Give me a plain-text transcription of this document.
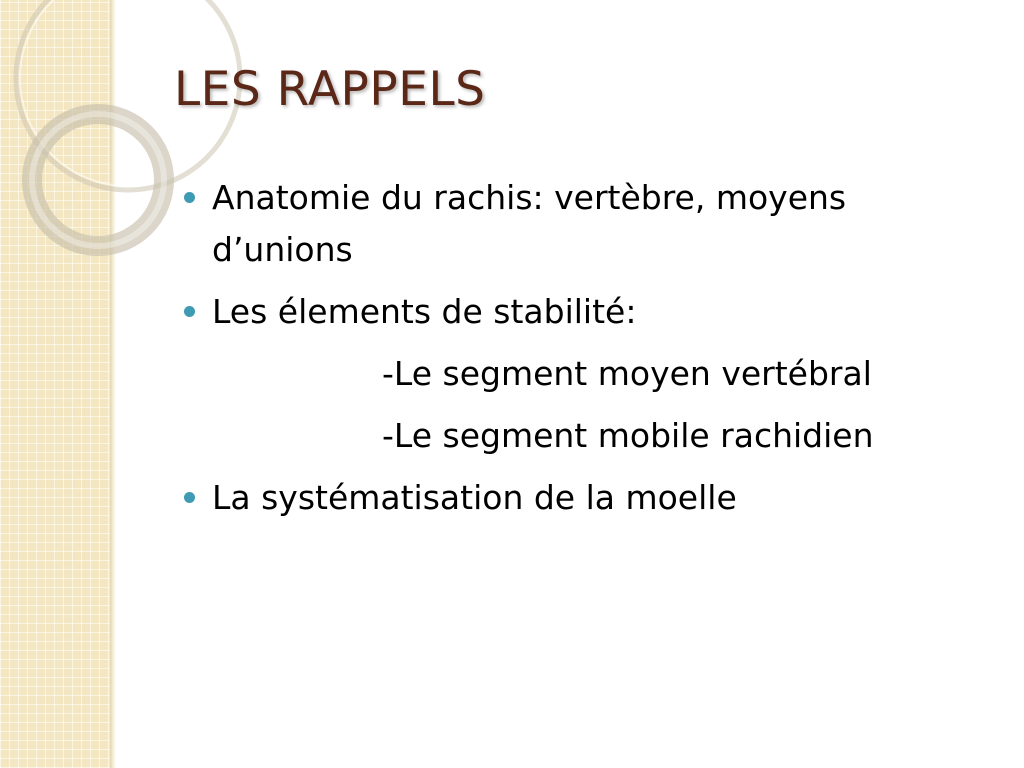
LES RAPPELS
Anatomie du rachis: vertèbre, moyens
d’unions
Les élements de stabilité:
-Le segment moyen vertébral
-Le segment mobile rachidien
La systématisation de la moelle
